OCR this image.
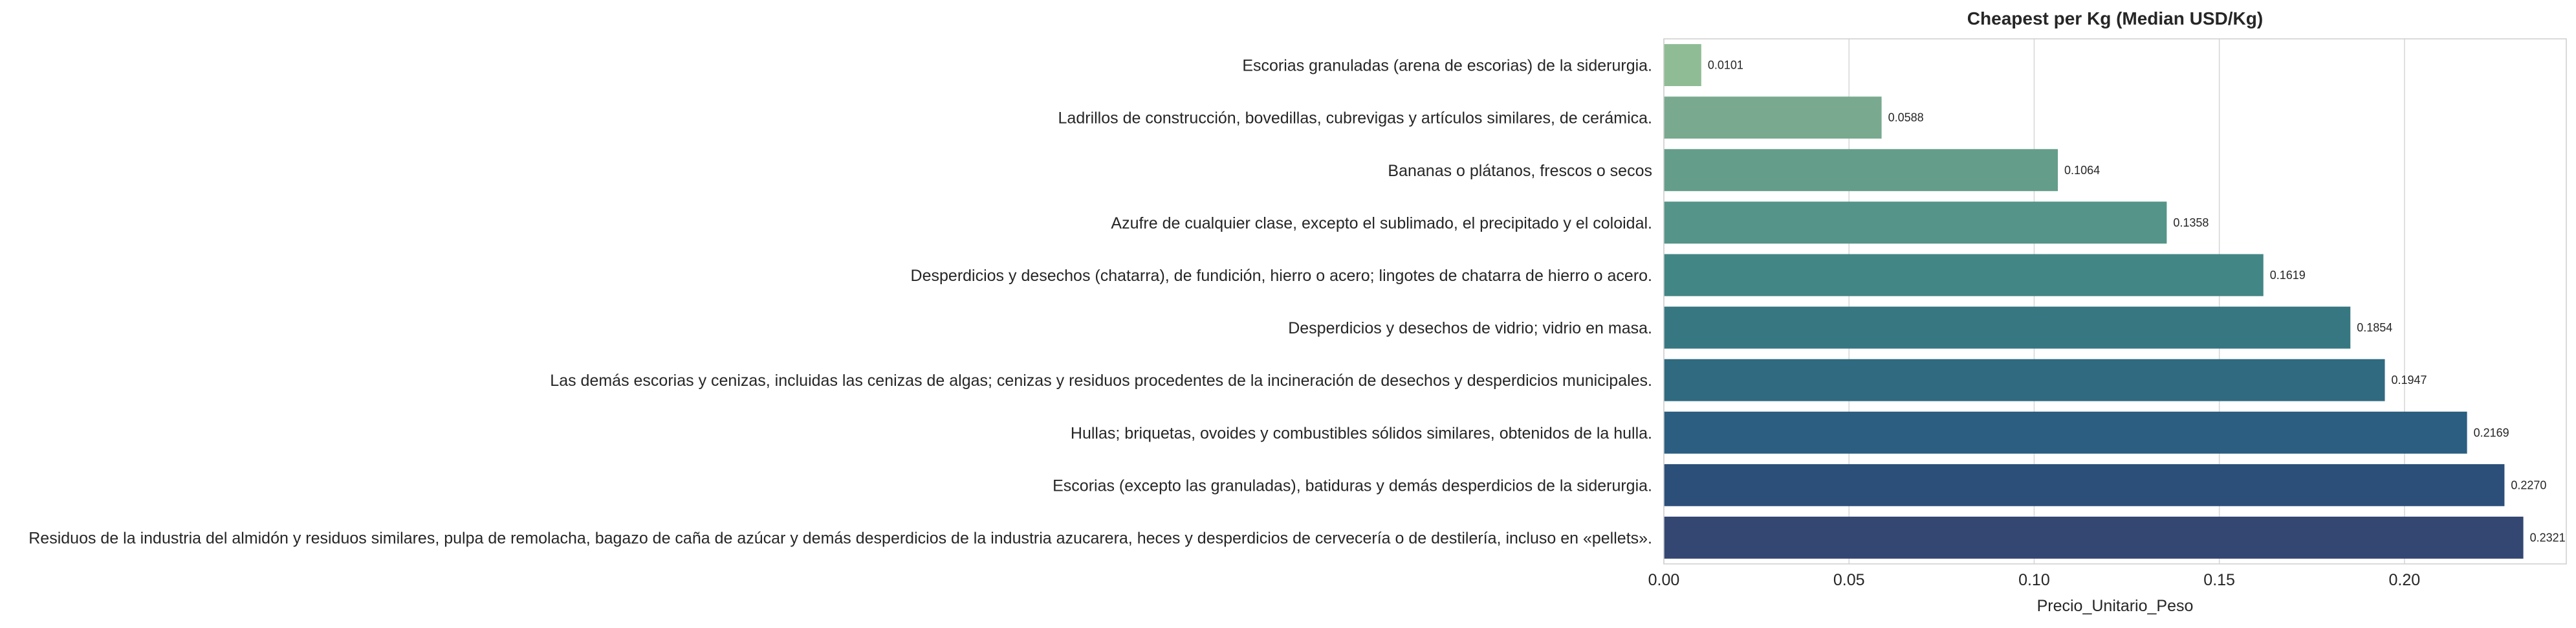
0.0101
0.0588
0.1064
0.1358
0.1619
0.1854
0.1947
0.2169
0.2270
0.2321
Escorias granuladas (arena de escorias) de la siderurgia.
Ladrillos de construcción, bovedillas, cubrevigas y artículos similares, de cerámica.
Bananas o plátanos, frescos o secos
Azufre de cualquier clase, excepto el sublimado, el precipitado y el coloidal.
Desperdicios y desechos (chatarra), de fundición, hierro o acero; lingotes de chatarra de hierro o acero.
Desperdicios y desechos de vidrio; vidrio en masa.
Las demás escorias y cenizas, incluidas las cenizas de algas; cenizas y residuos procedentes de la incineración de desechos y desperdicios municipales.
Hullas; briquetas, ovoides y combustibles sólidos similares, obtenidos de la hulla.
Escorias (excepto las granuladas), batiduras y demás desperdicios de la siderurgia.
Residuos de la industria del almidón y residuos similares, pulpa de remolacha, bagazo de caña de azúcar y demás desperdicios de la industria azucarera, heces y desperdicios de cervecería o de destilería, incluso en «pellets».
0.00	0.05	0.10	0.15	0.20
Cheapest per Kg (Median USD/Kg)
Precio_Unitario_Peso
